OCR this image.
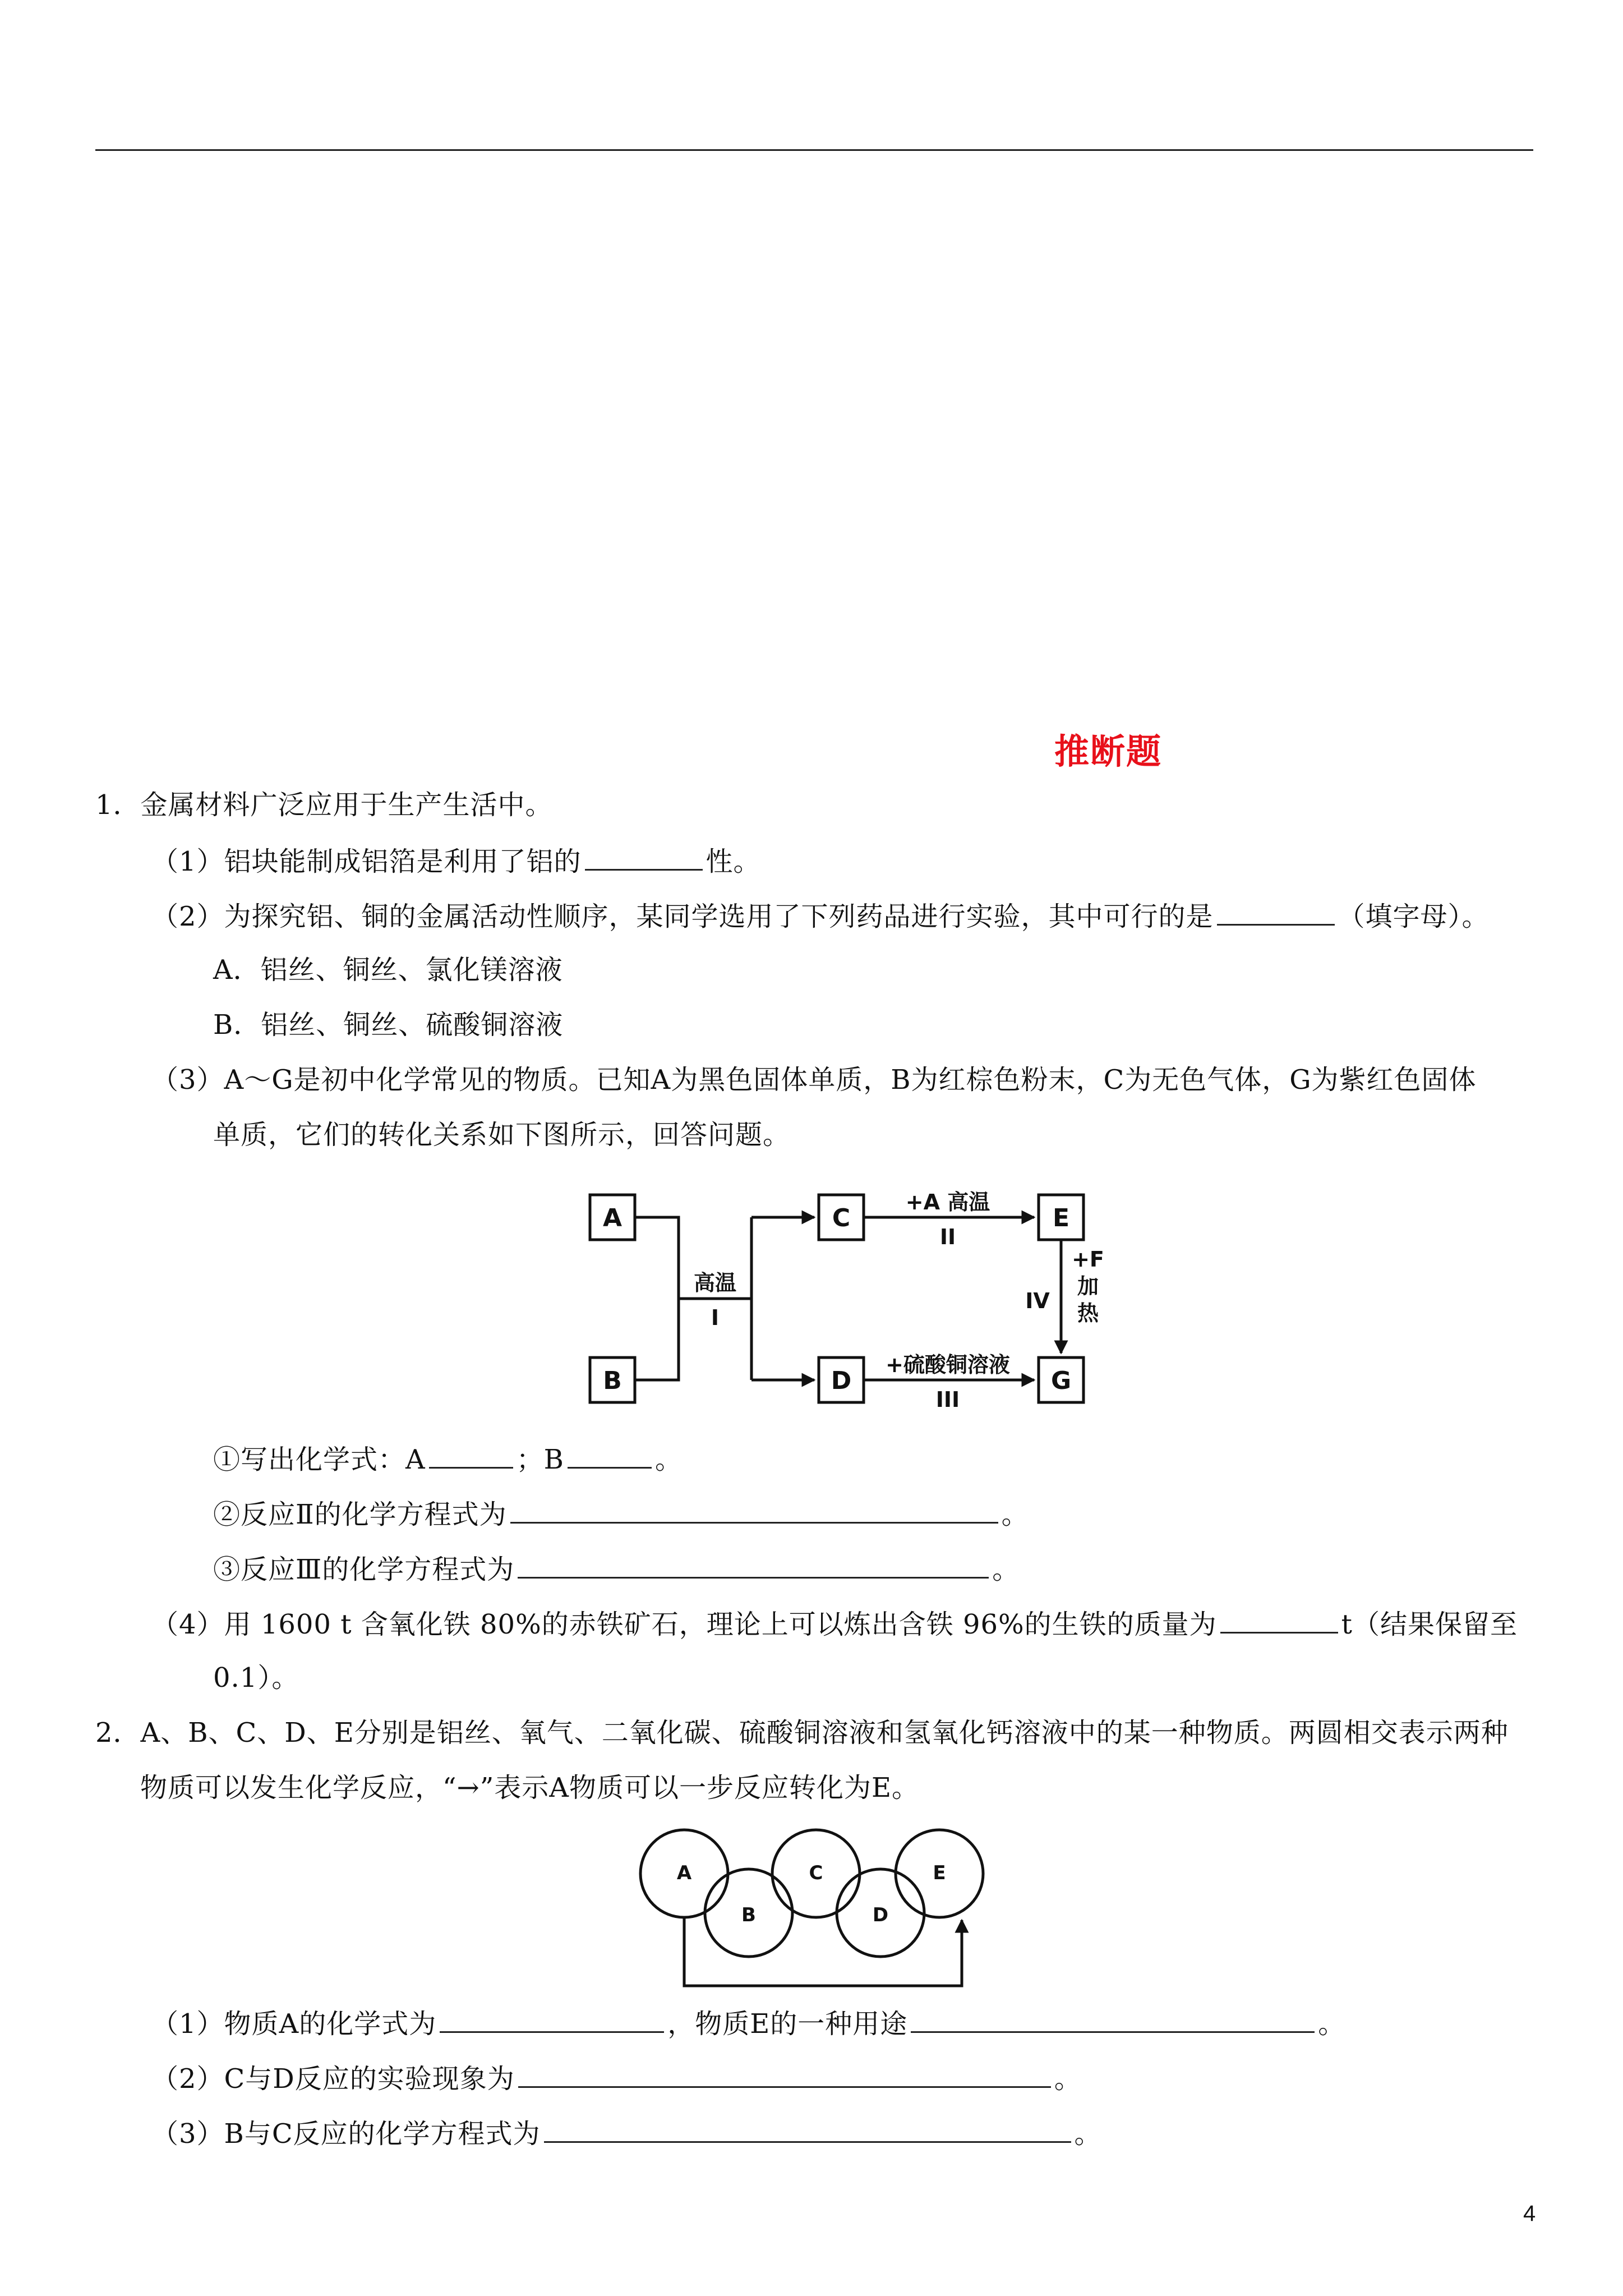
推断题
1．金属材料广泛应用于生产生活中。
（1）铝块能制成铝箔是利用了铝的	性。
（2）为探究铝、铜的金属活动性顺序，某同学选用了下列药品进行实验，其中可行的是	（填字母）。
A．铝丝、铜丝、氯化镁溶液
B．铝丝、铜丝、硫酸铜溶液
（3）A～G是初中化学常见的物质。已知A为黑色固体单质，B为红棕色粉末，C为无色气体，G为紫红色固体
单质，它们的转化关系如下图所示，回答问题。
A
B
C
D
E
G
高温
I
+A 高温
II
+硫酸铜溶液
III
IV
+F
加
热
①写出化学式：A	；B	。
②反应Ⅱ的化学方程式为	。
③反应Ⅲ的化学方程式为	。
（4）用 1600 t 含氧化铁 80%的赤铁矿石，理论上可以炼出含铁 96%的生铁的质量为	t（结果保留至
0.1）。
2．A、B、C、D、E分别是铝丝、氧气、二氧化碳、硫酸铜溶液和氢氧化钙溶液中的某一种物质。两圆相交表示两种
物质可以发生化学反应，“→”表示A物质可以一步反应转化为E。
A
B
C
D
E
（1）物质A的化学式为	，物质E的一种用途	。
（2）C与D反应的实验现象为	。
（3）B与C反应的化学方程式为	。
4
